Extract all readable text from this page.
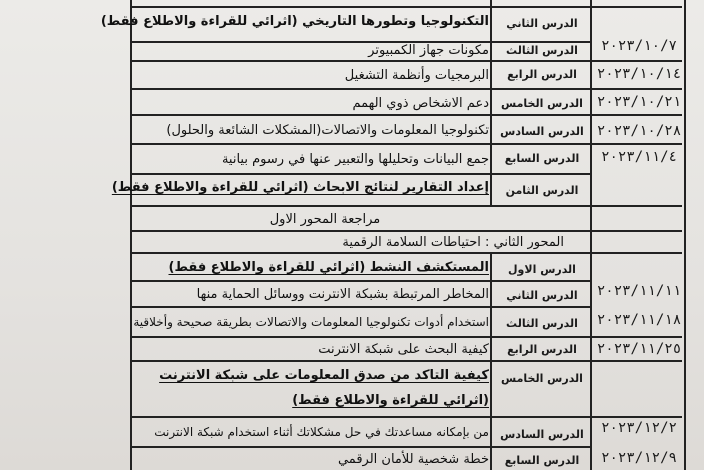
الدرس الثاني
التكنولوجيا وتطورها التاريخي (اثرائي للقراءة والاطلاع فقط)
٢٠٢٣/١٠/٧
الدرس الثالث
مكونات جهاز الكمبيوتر
٢٠٢٣/١٠/١٤
الدرس الرابع
البرمجيات وأنظمة التشغيل
٢٠٢٣/١٠/٢١
الدرس الخامس
دعم الاشخاص ذوي الهمم
٢٠٢٣/١٠/٢٨
الدرس السادس
تكنولوجيا المعلومات والاتصالات(المشكلات الشائعة والحلول)
٢٠٢٣/١١/٤
الدرس السابع
جمع البيانات وتحليلها والتعبير عنها في رسوم بيانية
الدرس الثامن
إعداد التقارير لنتائج الابحاث (اثرائي للقراءة والاطلاع فقط)
مراجعة المحور الاول
المحور الثاني : احتياطات السلامة الرقمية
الدرس الاول
المستكشف النشط (اثرائي للقراءة والاطلاع فقط)
٢٠٢٣/١١/١١
الدرس الثاني
المخاطر المرتبطة بشبكة الانترنت ووسائل الحماية منها
٢٠٢٣/١١/١٨
الدرس الثالث
استخدام أدوات تكنولوجيا المعلومات والاتصالات بطريقة صحيحة وأخلاقية
٢٠٢٣/١١/٢٥
الدرس الرابع
كيفية البحث على شبكة الانترنت
الدرس الخامس
كيفية التاكد من صدق المعلومات على شبكة الانترنت
(اثرائي للقراءة والاطلاع فقط)
٢٠٢٣/١٢/٢
الدرس السادس
من بإمكانه مساعدتك في حل مشكلاتك أثناء استخدام شبكة الانترنت
٢٠٢٣/١٢/٩
الدرس السابع
خطة شخصية للأمان الرقمي
